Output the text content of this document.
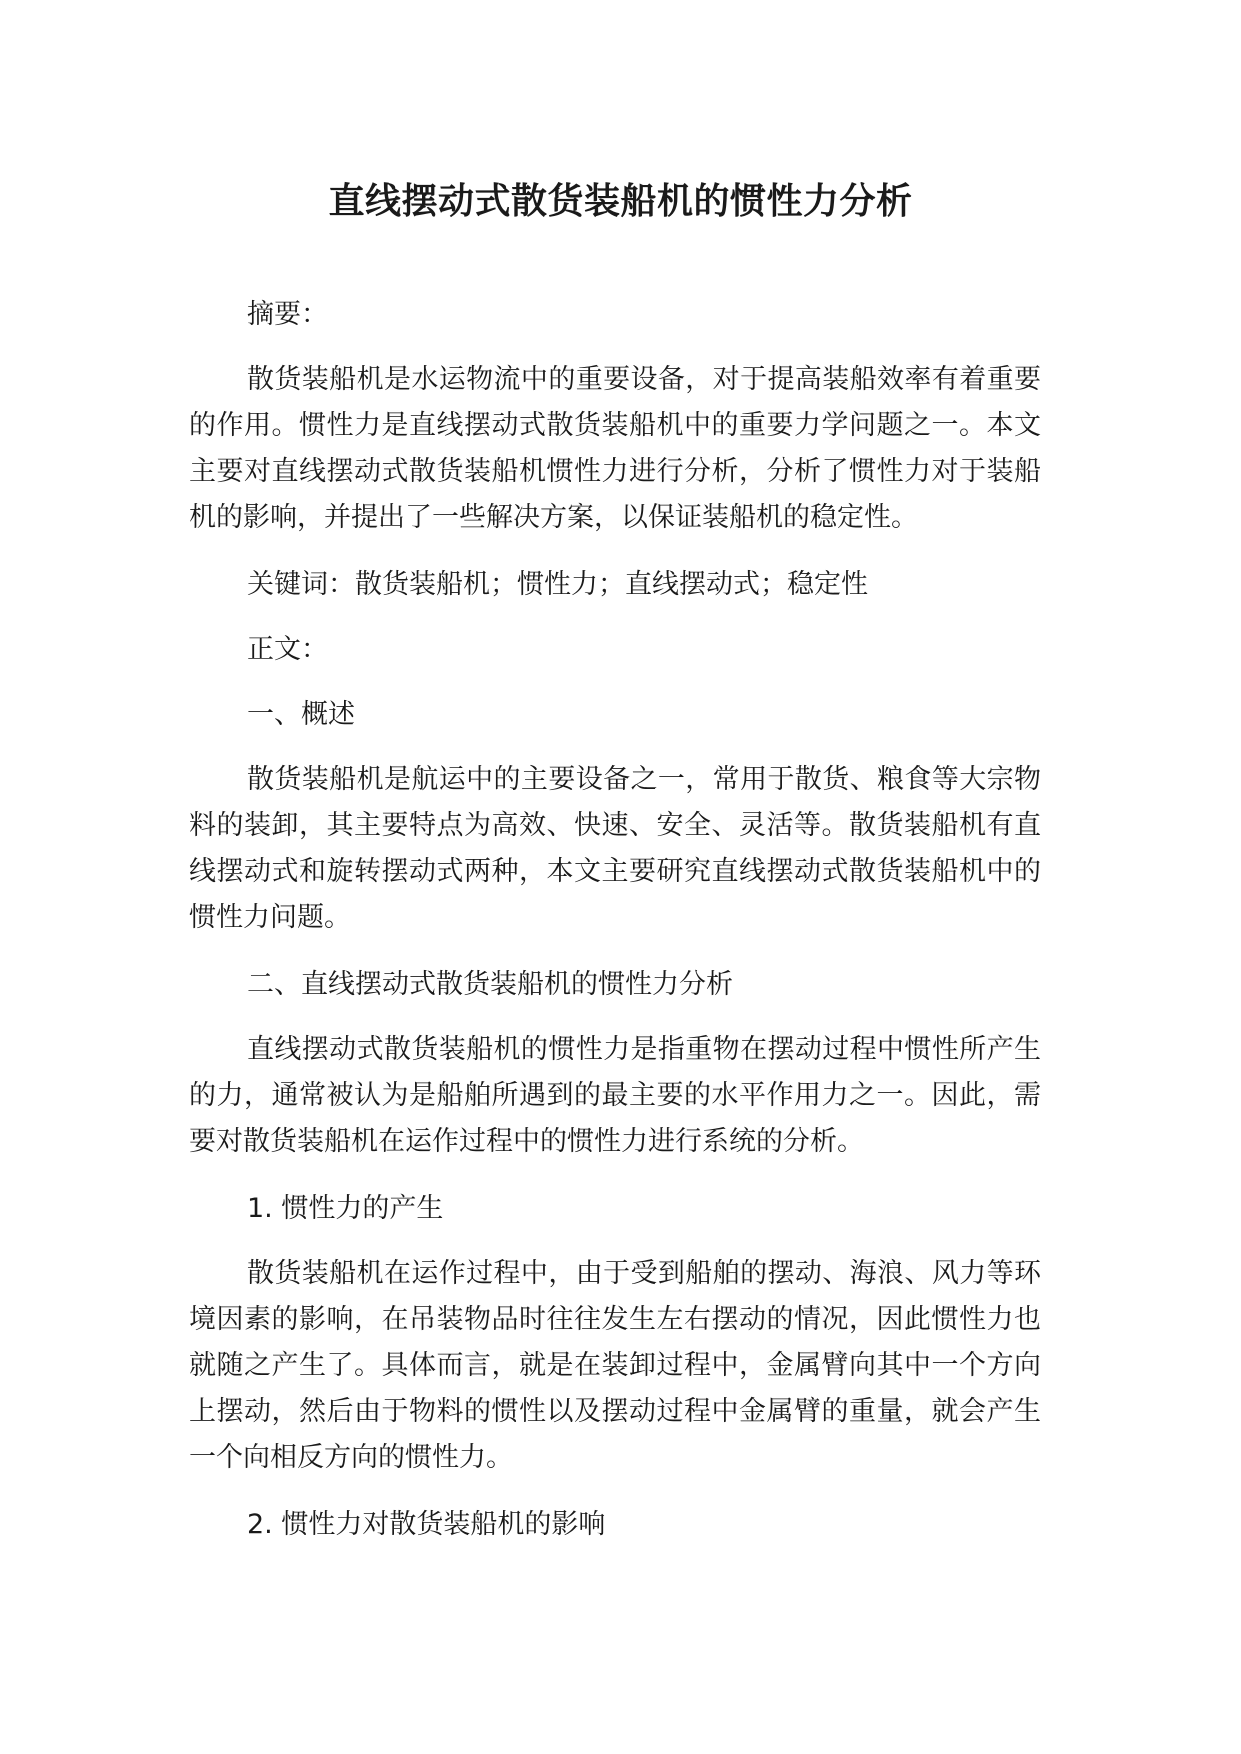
直线摆动式散货装船机的惯性力分析

摘要：

散货装船机是水运物流中的重要设备，对于提高装船效率有着重要的作用。惯性力是直线摆动式散货装船机中的重要力学问题之一。本文主要对直线摆动式散货装船机惯性力进行分析，分析了惯性力对于装船机的影响，并提出了一些解决方案，以保证装船机的稳定性。

关键词：散货装船机；惯性力；直线摆动式；稳定性

正文：

一、概述

散货装船机是航运中的主要设备之一，常用于散货、粮食等大宗物料的装卸，其主要特点为高效、快速、安全、灵活等。散货装船机有直线摆动式和旋转摆动式两种，本文主要研究直线摆动式散货装船机中的惯性力问题。

二、直线摆动式散货装船机的惯性力分析

直线摆动式散货装船机的惯性力是指重物在摆动过程中惯性所产生的力，通常被认为是船舶所遇到的最主要的水平作用力之一。因此，需要对散货装船机在运作过程中的惯性力进行系统的分析。

1. 惯性力的产生

散货装船机在运作过程中，由于受到船舶的摆动、海浪、风力等环境因素的影响，在吊装物品时往往发生左右摆动的情况，因此惯性力也就随之产生了。具体而言，就是在装卸过程中，金属臂向其中一个方向上摆动，然后由于物料的惯性以及摆动过程中金属臂的重量，就会产生一个向相反方向的惯性力。

2. 惯性力对散货装船机的影响
